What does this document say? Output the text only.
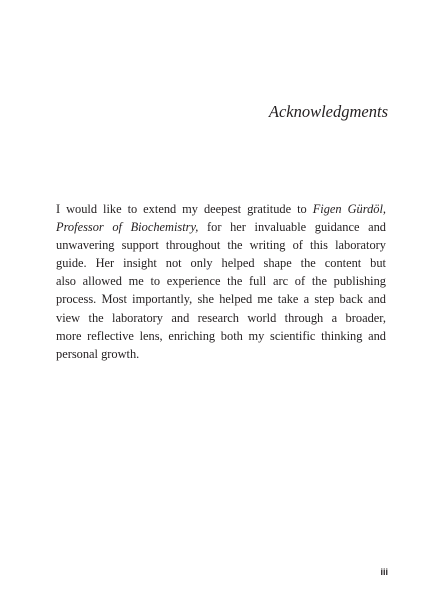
Acknowledgments
I would like to extend my deepest gratitude to Figen Gürdöl,
Professor of Biochemistry, for her invaluable guidance and
unwavering support throughout the writing of this laboratory
guide. Her insight not only helped shape the content but
also allowed me to experience the full arc of the publishing
process. Most importantly, she helped me take a step back and
view the laboratory and research world through a broader,
more reflective lens, enriching both my scientific thinking and
personal growth.

iii
